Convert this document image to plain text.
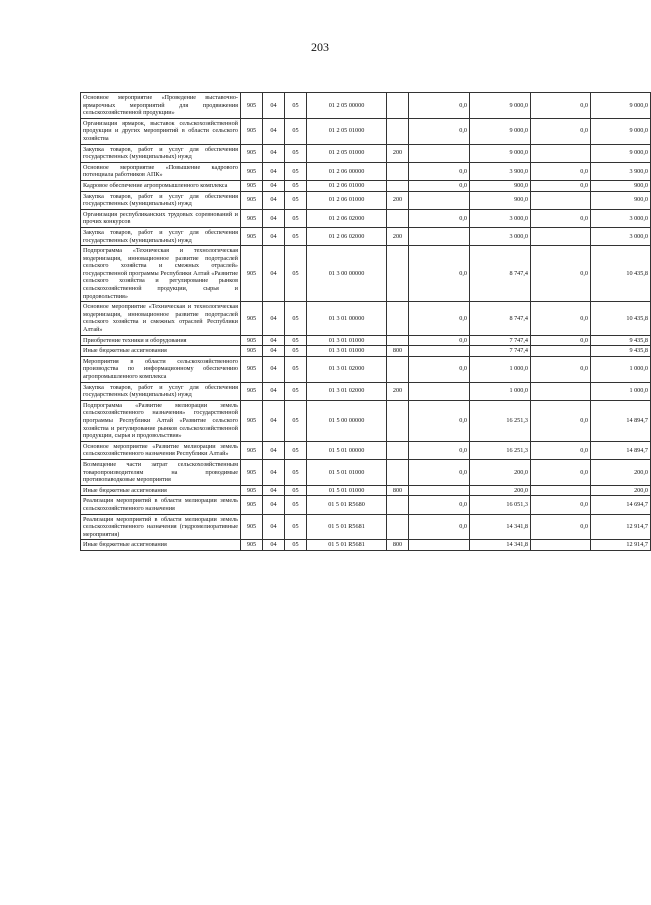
203
Основное мероприятие «Проведение выставочно-ярмарочных мероприятий для продвижения сельскохозяйственной продукции»	905	04	05	01 2 05 00000		0,0	9 000,0	0,0	9 000,0
Организация ярмарок, выставок сельскохозяйственной продукции и других мероприятий в области сельского хозяйства	905	04	05	01 2 05 01000		0,0	9 000,0	0,0	9 000,0
Закупка товаров, работ и услуг для обеспечения государственных (муниципальных) нужд	905	04	05	01 2 05 01000	200		9 000,0		9 000,0
Основное мероприятие «Повышение кадрового потенциала работников АПК»	905	04	05	01 2 06 00000		0,0	3 900,0	0,0	3 900,0
Кадровое обеспечение агропромышленного комплекса	905	04	05	01 2 06 01000		0,0	900,0	0,0	900,0
Закупка товаров, работ и услуг для обеспечения государственных (муниципальных) нужд	905	04	05	01 2 06 01000	200		900,0		900,0
Организация республиканских трудовых соревнований и прочих конкурсов	905	04	05	01 2 06 02000		0,0	3 000,0	0,0	3 000,0
Закупка товаров, работ и услуг для обеспечения государственных (муниципальных) нужд	905	04	05	01 2 06 02000	200		3 000,0		3 000,0
Подпрограмма «Техническая и технологическая модернизация, инновационное развитие подотраслей сельского хозяйства и смежных отраслей» государственной программы Республики Алтай «Развитие сельского хозяйства и регулирование рынков сельскохозяйственной продукции, сырья и продовольствия»	905	04	05	01 3 00 00000		0,0	8 747,4	0,0	10 435,8
Основное мероприятие «Техническая и технологическая модернизация, инновационное развитие подотраслей сельского хозяйства и смежных отраслей Республики Алтай»	905	04	05	01 3 01 00000		0,0	8 747,4	0,0	10 435,8
Приобретение техники и оборудования	905	04	05	01 3 01 01000		0,0	7 747,4	0,0	9 435,8
Иные бюджетные ассигнования	905	04	05	01 3 01 01000	800		7 747,4		9 435,8
Мероприятия в области сельскохозяйственного производства по информационному обеспечению агропромышленного комплекса	905	04	05	01 3 01 02000		0,0	1 000,0	0,0	1 000,0
Закупка товаров, работ и услуг для обеспечения государственных (муниципальных) нужд	905	04	05	01 3 01 02000	200		1 000,0		1 000,0
Подпрограмма «Развитие мелиорации земель сельскохозяйственного назначения» государственной программы Республики Алтай «Развитие сельского хозяйства и регулирование рынков сельскохозяйственной продукции, сырья и продовольствия»	905	04	05	01 5 00 00000		0,0	16 251,3	0,0	14 894,7
Основное мероприятие «Развитие мелиорации земель сельскохозяйственного назначения Республики Алтай»	905	04	05	01 5 01 00000		0,0	16 251,3	0,0	14 894,7
Возмещение части затрат сельскохозяйственным товаропроизводителям на проводимые противопаводковые мероприятия	905	04	05	01 5 01 01000		0,0	200,0	0,0	200,0
Иные бюджетные ассигнования	905	04	05	01 5 01 01000	800		200,0		200,0
Реализация мероприятий в области мелиорации земель сельскохозяйственного назначения	905	04	05	01 5 01 R5680		0,0	16 051,3	0,0	14 694,7
Реализация мероприятий в области мелиорации земель сельскохозяйственного назначения (гидромелиоративные мероприятия)	905	04	05	01 5 01 R5681		0,0	14 341,8	0,0	12 914,7
Иные бюджетные ассигнования	905	04	05	01 5 01 R5681	800		14 341,8		12 914,7
